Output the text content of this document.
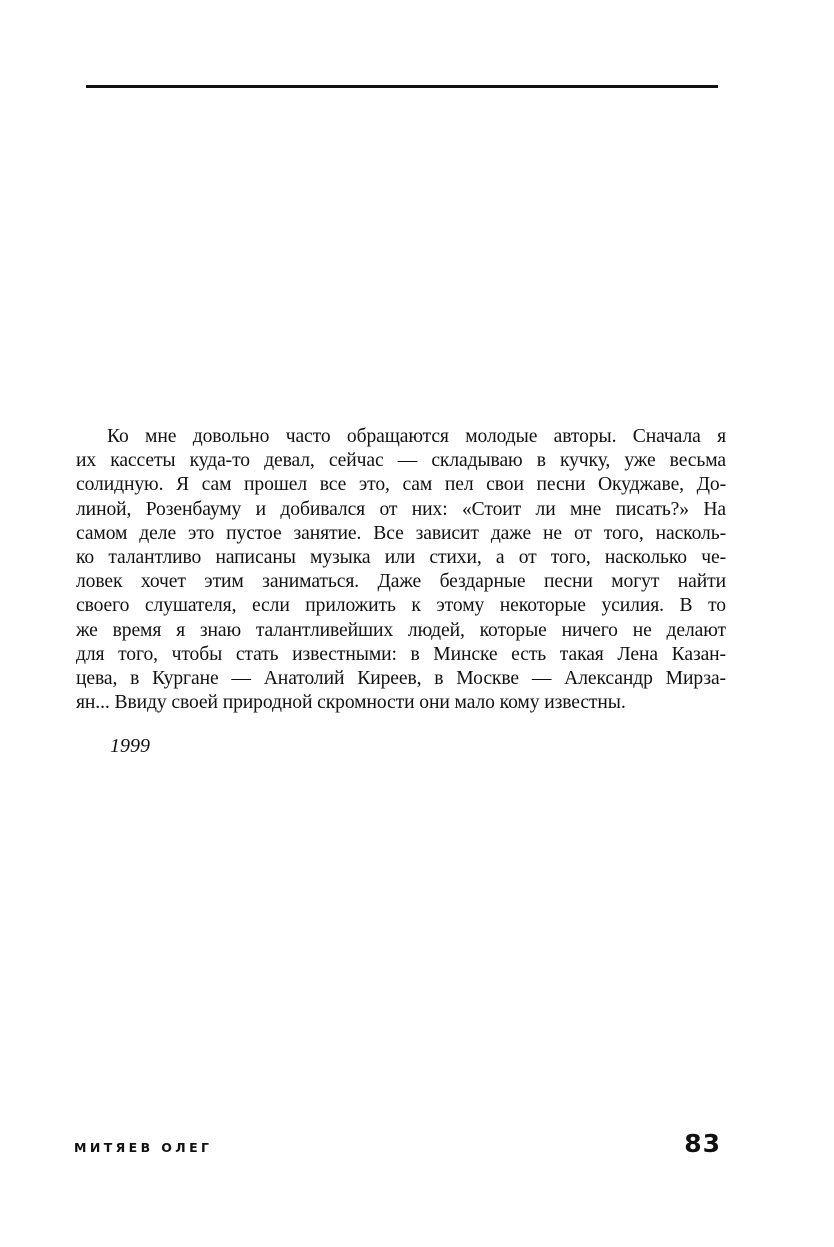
Ко мне довольно часто обращаются молодые авторы. Сначала я
их кассеты куда-то девал, сейчас — складываю в кучку, уже весьма
солидную. Я сам прошел все это, сам пел свои песни Окуджаве, До-
линой, Розенбауму и добивался от них: «Стоит ли мне писать?» На
самом деле это пустое занятие. Все зависит даже не от того, насколь-
ко талантливо написаны музыка или стихи, а от того, насколько че-
ловек хочет этим заниматься. Даже бездарные песни могут найти
своего слушателя, если приложить к этому некоторые усилия. В то
же время я знаю талантливейших людей, которые ничего не делают
для того, чтобы стать известными: в Минске есть такая Лена Казан-
цева, в Кургане — Анатолий Киреев, в Москве — Александр Мирза-
ян... Ввиду своей природной скромности они мало кому известны.
1999
МИТЯЕВ ОЛЕГ	83
